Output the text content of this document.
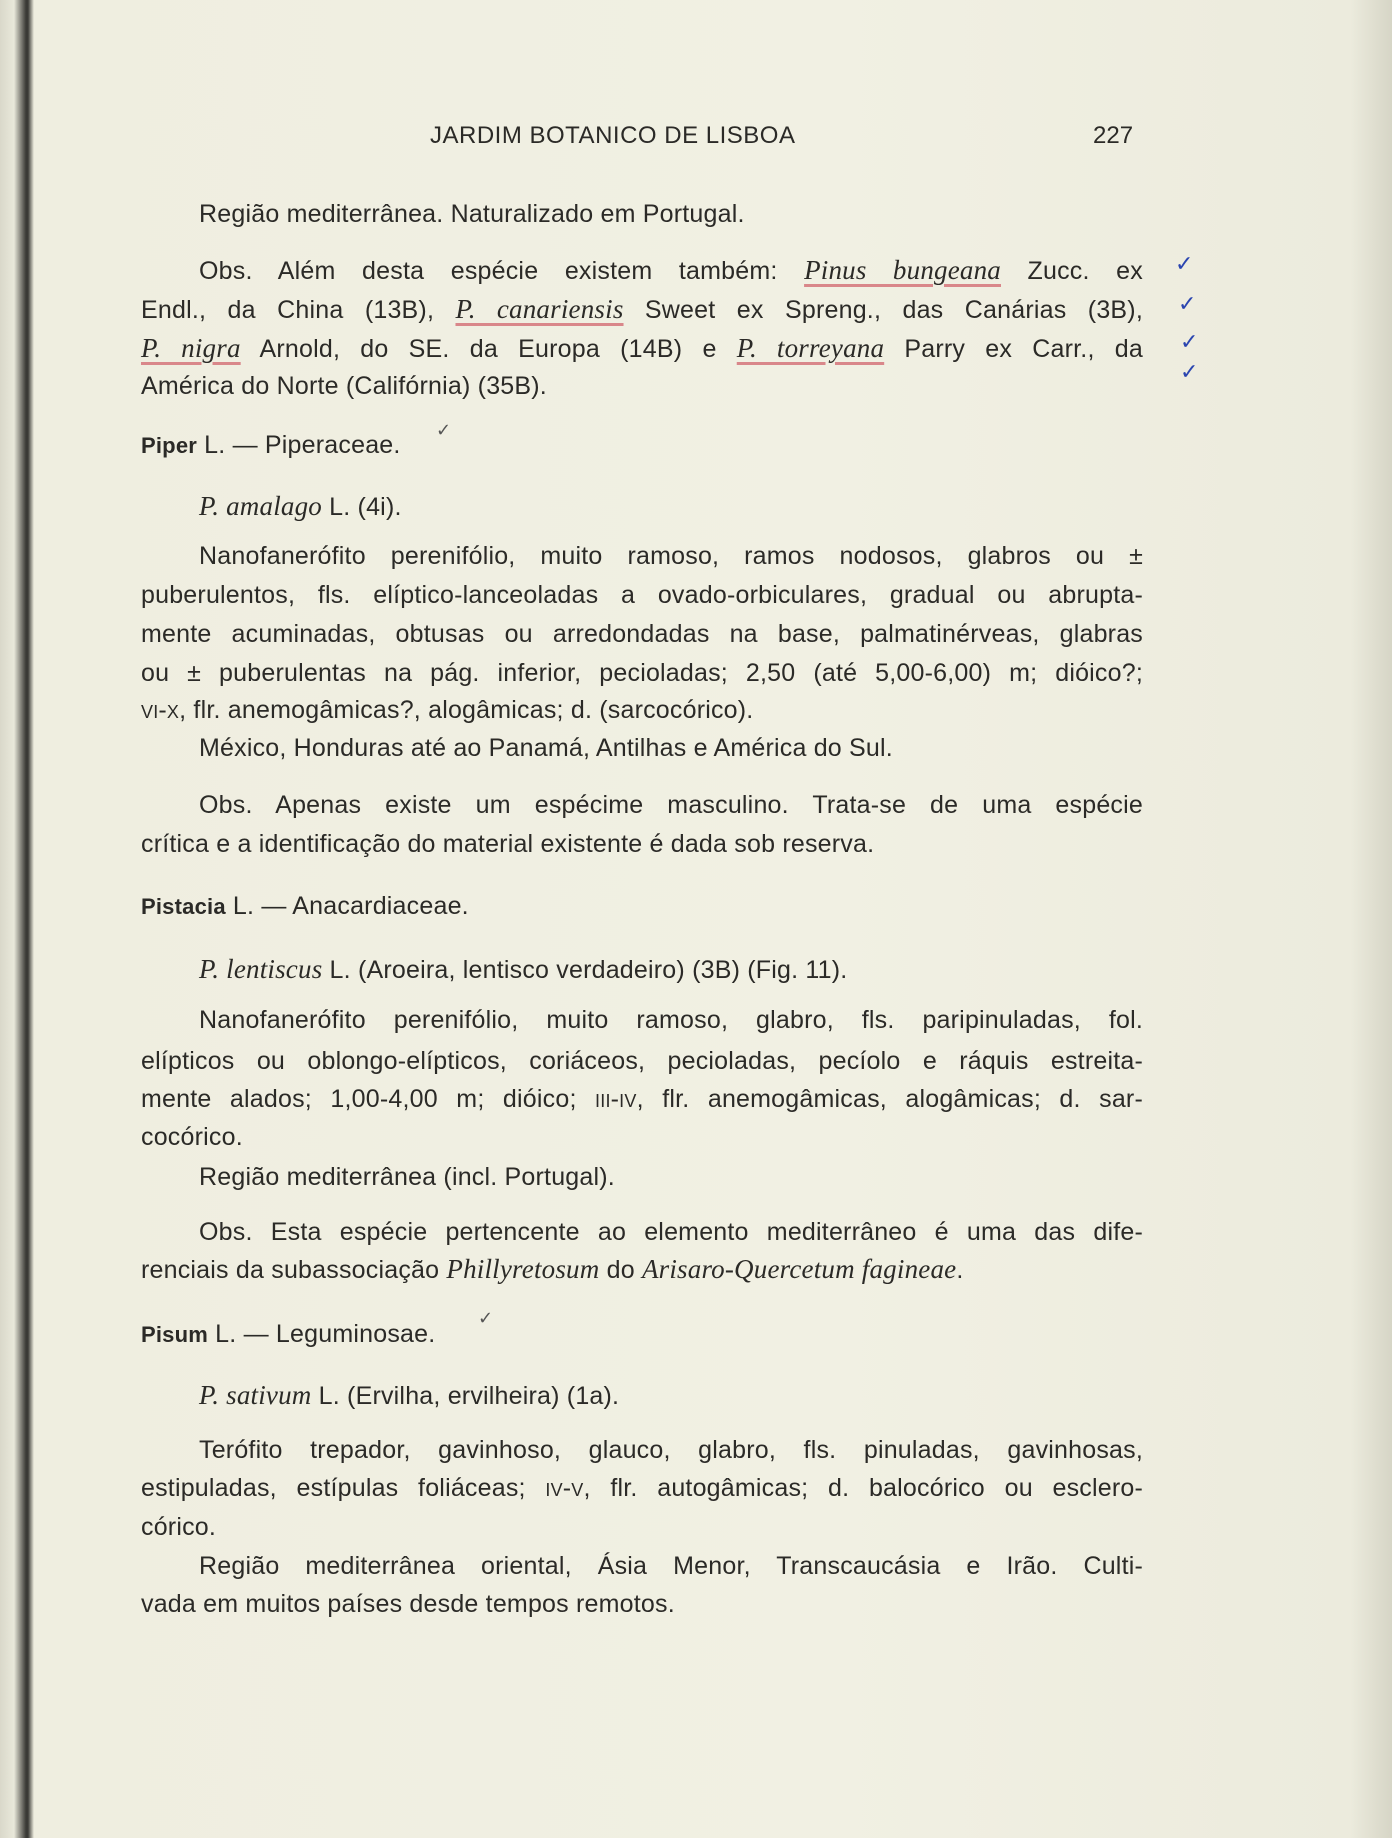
JARDIM BOTANICO DE LISBOA	227
Região mediterrânea. Naturalizado em Portugal.
Obs. Além desta espécie existem também: Pinus bungeana Zucc. ex
Endl., da China (13B), P. canariensis Sweet ex Spreng., das Canárias (3B),
P. nigra Arnold, do SE. da Europa (14B) e P. torreyana Parry ex Carr., da
América do Norte (Califórnia) (35B).
Piper L. — Piperaceae.
P. amalago L. (4i).
Nanofanerófito perenifólio, muito ramoso, ramos nodosos, glabros ou ±
puberulentos, fls. elíptico-lanceoladas a ovado-orbiculares, gradual ou abrupta-
mente acuminadas, obtusas ou arredondadas na base, palmatinérveas, glabras
ou ± puberulentas na pág. inferior, pecioladas; 2,50 (até 5,00-6,00) m; dióico?;
vi-x, flr. anemogâmicas?, alogâmicas; d. (sarcocórico).
México, Honduras até ao Panamá, Antilhas e América do Sul.
Obs. Apenas existe um espécime masculino. Trata-se de uma espécie
crítica e a identificação do material existente é dada sob reserva.
Pistacia L. — Anacardiaceae.
P. lentiscus L. (Aroeira, lentisco verdadeiro) (3B) (Fig. 11).
Nanofanerófito perenifólio, muito ramoso, glabro, fls. paripinuladas, fol.
elípticos ou oblongo-elípticos, coriáceos, pecioladas, pecíolo e ráquis estreita-
mente alados; 1,00-4,00 m; dióico; iii-iv, flr. anemogâmicas, alogâmicas; d. sar-
cocórico.
Região mediterrânea (incl. Portugal).
Obs. Esta espécie pertencente ao elemento mediterrâneo é uma das dife-
renciais da subassociação Phillyretosum do Arisaro-Quercetum fagineae.
Pisum L. — Leguminosae.
P. sativum L. (Ervilha, ervilheira) (1a).
Terófito trepador, gavinhoso, glauco, glabro, fls. pinuladas, gavinhosas,
estipuladas, estípulas foliáceas; iv-v, flr. autogâmicas; d. balocórico ou esclero-
córico.
Região mediterrânea oriental, Ásia Menor, Transcaucásia e Irão. Culti-
vada em muitos países desde tempos remotos.
✓
✓
✓
✓
✓
✓
